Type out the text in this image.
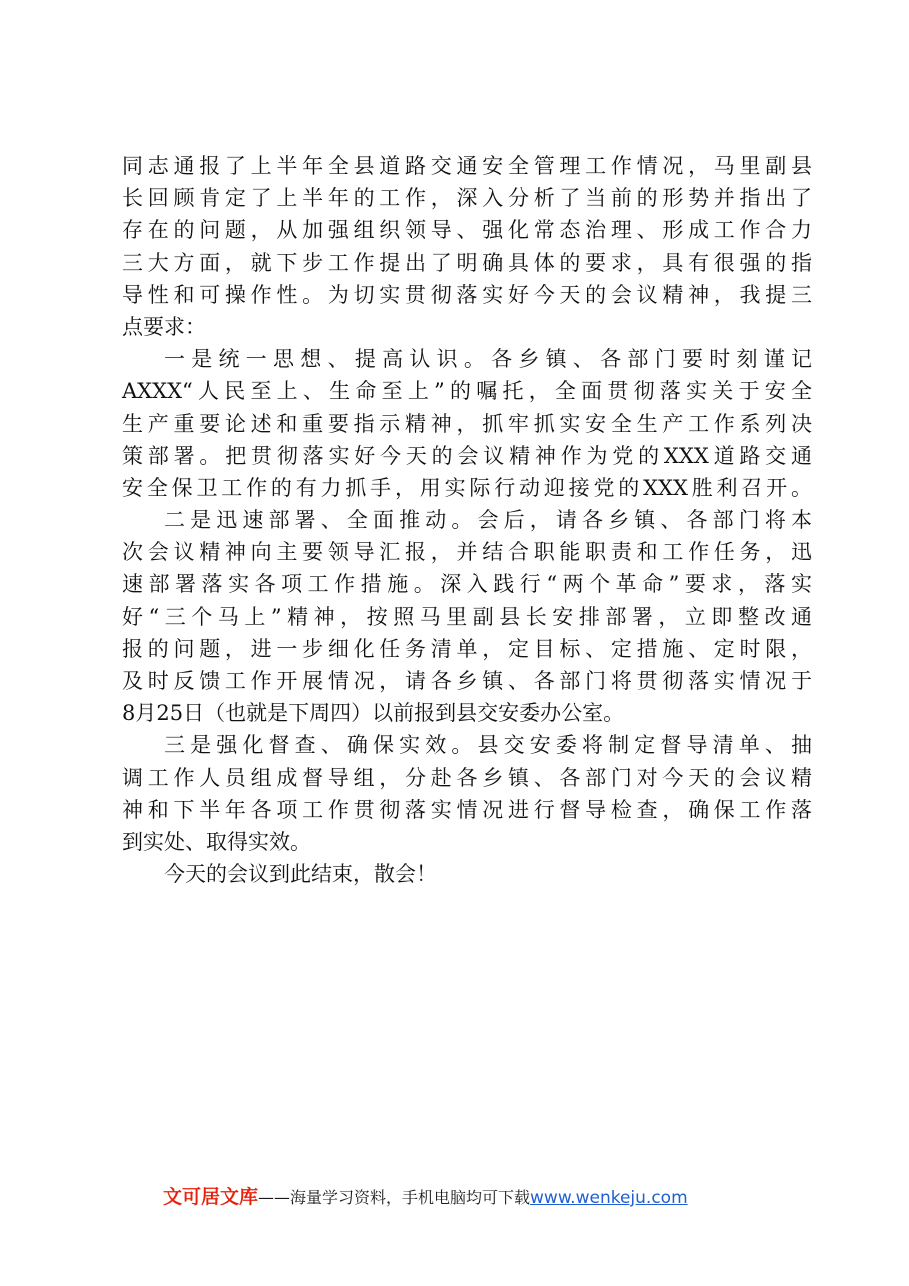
同志通报了上半年全县道路交通安全管理工作情况，马里副县
长回顾肯定了上半年的工作，深入分析了当前的形势并指出了
存在的问题，从加强组织领导、强化常态治理、形成工作合力
三大方面，就下步工作提出了明确具体的要求，具有很强的指
导性和可操作性。为切实贯彻落实好今天的会议精神，我提三
点要求：
一是统一思想、提高认识。各乡镇、各部门要时刻谨记
AXXX“人民至上、生命至上”的嘱托，全面贯彻落实关于安全
生产重要论述和重要指示精神，抓牢抓实安全生产工作系列决
策部署。把贯彻落实好今天的会议精神作为党的XXX道路交通
安全保卫工作的有力抓手，用实际行动迎接党的XXX胜利召开。
二是迅速部署、全面推动。会后，请各乡镇、各部门将本
次会议精神向主要领导汇报，并结合职能职责和工作任务，迅
速部署落实各项工作措施。深入践行“两个革命”要求，落实
好“三个马上”精神，按照马里副县长安排部署，立即整改通
报的问题，进一步细化任务清单，定目标、定措施、定时限，
及时反馈工作开展情况，请各乡镇、各部门将贯彻落实情况于
8月25日（也就是下周四）以前报到县交安委办公室。
三是强化督查、确保实效。县交安委将制定督导清单、抽
调工作人员组成督导组，分赴各乡镇、各部门对今天的会议精
神和下半年各项工作贯彻落实情况进行督导检查，确保工作落
到实处、取得实效。
今天的会议到此结束，散会！
文可居文库——海量学习资料，手机电脑均可下载www.wenkeju.com
